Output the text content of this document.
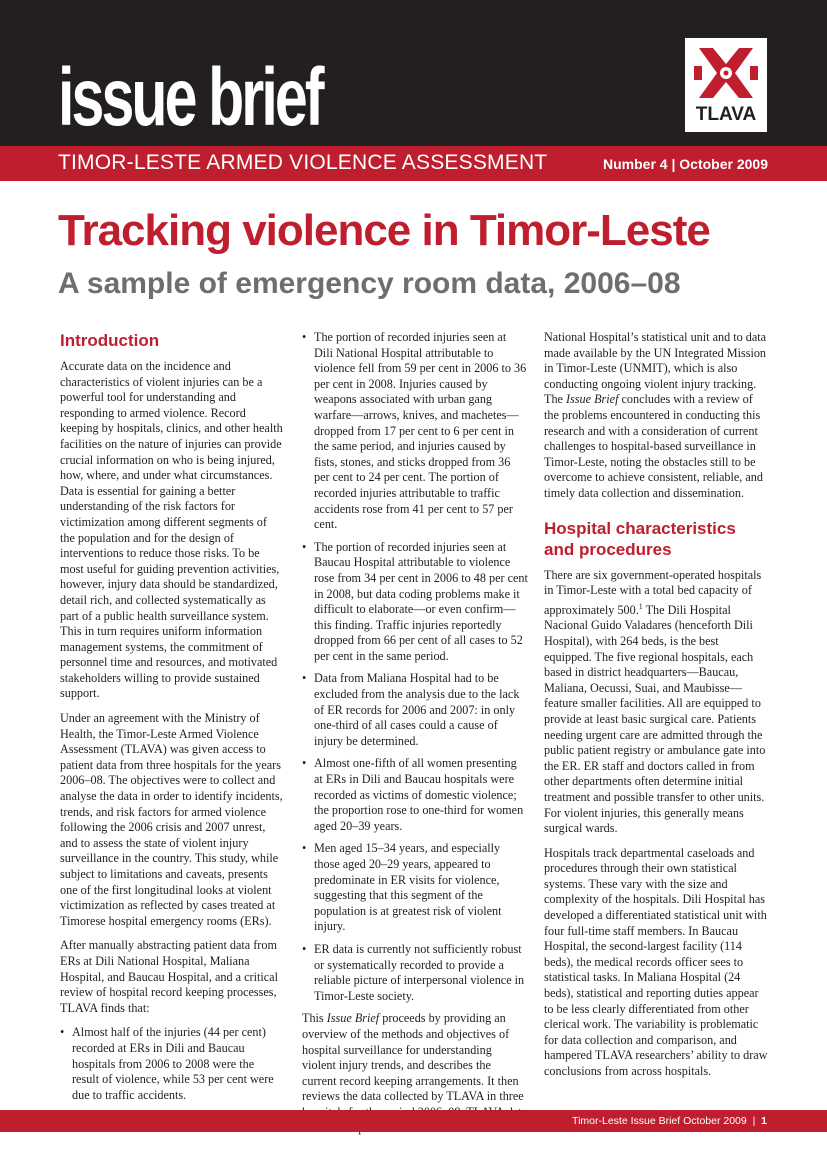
issue brief	TLAVA
TIMOR-LESTE ARMED VIOLENCE ASSESSMENT	Number 4 | October 2009
Tracking violence in Timor-Leste
A sample of emergency room data, 2006–08
Introduction

Accurate data on the incidence and characteristics of violent injuries can be a powerful tool for understanding and responding to armed violence. Record keeping by hospitals, clinics, and other health facilities on the nature of injuries can provide crucial information on who is being injured, how, where, and under what circumstances. Data is essential for gaining a better understanding of the risk factors for victimization among different segments of the population and for the design of interventions to reduce those risks. To be most useful for guiding prevention activities, however, injury data should be standardized, detail rich, and collected systematically as part of a public health surveillance system. This in turn requires uniform information management systems, the commitment of personnel time and resources, and motivated stakeholders willing to provide sustained support.

Under an agreement with the Ministry of Health, the Timor-Leste Armed Violence Assessment (TLAVA) was given access to patient data from three hospitals for the years 2006–08. The objectives were to collect and analyse the data in order to identify incidents, trends, and risk factors for armed violence following the 2006 crisis and 2007 unrest, and to assess the state of violent injury surveillance in the country. This study, while subject to limitations and caveats, presents one of the first longitudinal looks at violent victimization as reflected by cases treated at Timorese hospital emergency rooms (ERs).

After manually abstracting patient data from ERs at Dili National Hospital, Maliana Hospital, and Baucau Hospital, and a critical review of hospital record keeping processes, TLAVA finds that:

• Almost half of the injuries (44 per cent) recorded at ERs in Dili and Baucau hospitals from 2006 to 2008 were the result of violence, while 53 per cent were due to traffic accidents.
• The portion of recorded injuries seen at Dili National Hospital attributable to violence fell from 59 per cent in 2006 to 36 per cent in 2008. Injuries caused by weapons associated with urban gang warfare—arrows, knives, and machetes—dropped from 17 per cent to 6 per cent in the same period, and injuries caused by fists, stones, and sticks dropped from 36 per cent to 24 per cent. The portion of recorded injuries attributable to traffic accidents rose from 41 per cent to 57 per cent.
• The portion of recorded injuries seen at Baucau Hospital attributable to violence rose from 34 per cent in 2006 to 48 per cent in 2008, but data coding problems make it difficult to elaborate—or even confirm—this finding. Traffic injuries reportedly dropped from 66 per cent of all cases to 52 per cent in the same period.
• Data from Maliana Hospital had to be excluded from the analysis due to the lack of ER records for 2006 and 2007: in only one-third of all cases could a cause of injury be determined.
• Almost one-fifth of all women presenting at ERs in Dili and Baucau hospitals were recorded as victims of domestic violence; the proportion rose to one-third for women aged 20–39 years.
• Men aged 15–34 years, and especially those aged 20–29 years, appeared to predominate in ER visits for violence, suggesting that this segment of the population is at greatest risk of violent injury.
• ER data is currently not sufficiently robust or systematically recorded to provide a reliable picture of interpersonal violence in Timor-Leste society.

This Issue Brief proceeds by providing an overview of the methods and objectives of hospital surveillance for understanding violent injury trends, and describes the current record keeping arrangements. It then reviews the data collected by TLAVA in three

National Hospital’s statistical unit and to data made available by the UN Integrated Mission in Timor-Leste (UNMIT), which is also conducting ongoing violent injury tracking. The Issue Brief concludes with a review of the problems encountered in conducting this research and with a consideration of current challenges to hospital-based surveillance in Timor-Leste, noting the obstacles still to be overcome to achieve consistent, reliable, and timely data collection and dissemination.

Hospital characteristics and procedures

There are six government-operated hospitals in Timor-Leste with a total bed capacity of approximately 500.$^1$ The Dili Hospital Nacional Guido Valadares (henceforth Dili Hospital), with 264 beds, is the best equipped. The five regional hospitals, each based in district headquarters—Baucau, Maliana, Oecussi, Suai, and Maubisse—feature smaller facilities. All are equipped to provide at least basic surgical care. Patients needing urgent care are admitted through the public patient registry or ambulance gate into the ER. ER staff and doctors called in from other departments often determine initial treatment and possible transfer to other units. For violent injuries, this generally means surgical wards.

Hospitals track departmental caseloads and procedures through their own statistical systems. These vary with the size and complexity of the hospitals. Dili Hospital has developed a differentiated statistical unit with four full-time staff members. In Baucau Hospital, the second-largest facility (114 beds), the medical records officer sees to statistical tasks. In Maliana Hospital (24 beds), statistical and reporting duties appear to be less clearly differentiated from other clerical work. The variability is problematic for data collection and comparison, and hampered TLAVA researchers’ ability to draw conclusions from across hospitals.

Timor-Leste Issue Brief October 2009 | 1
